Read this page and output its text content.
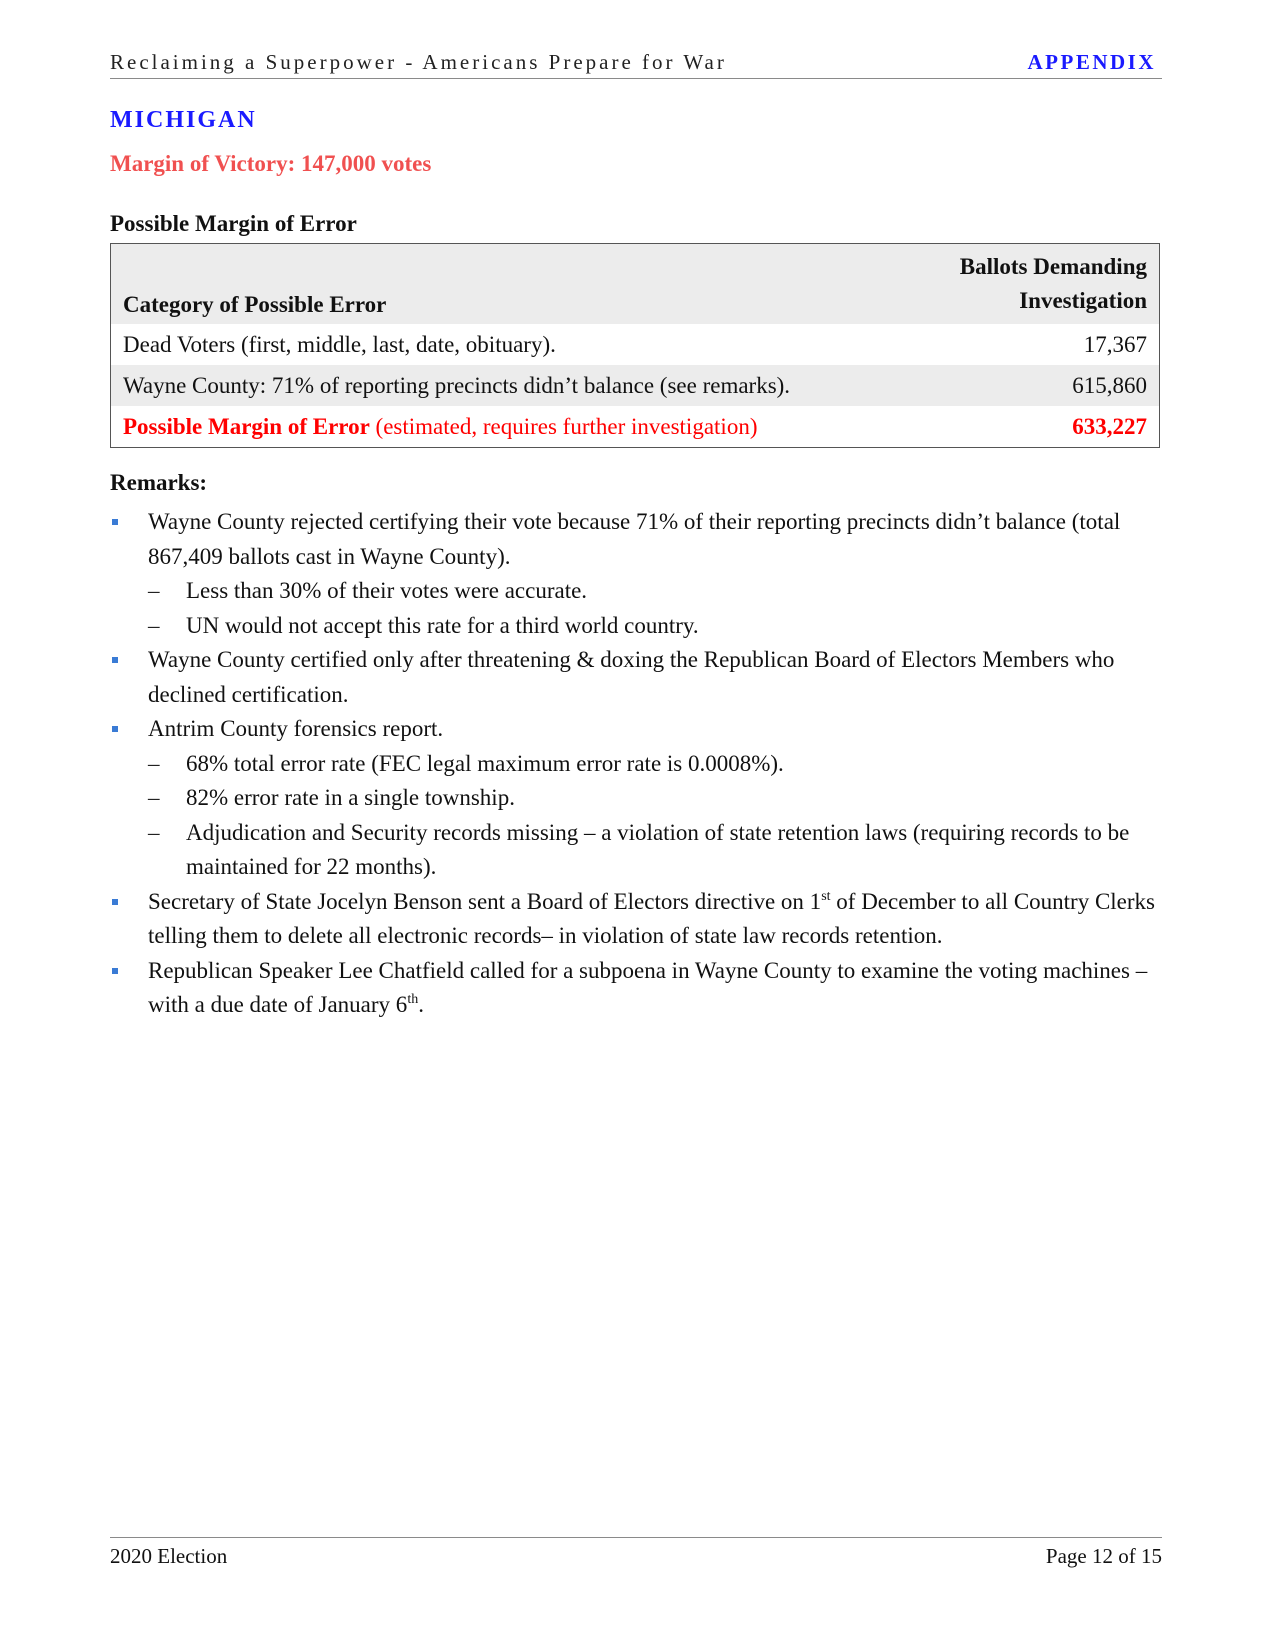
Reclaiming a Superpower - Americans Prepare for War	APPENDIX
MICHIGAN
Margin of Victory: 147,000 votes
Possible Margin of Error
Category of Possible Error	Ballots Demanding
Investigation
Dead Voters (first, middle, last, date, obituary).	17,367
Wayne County: 71% of reporting precincts didn’t balance (see remarks).	615,860
Possible Margin of Error (estimated, requires further investigation)	633,227
Remarks:
Wayne County rejected certifying their vote because 71% of their reporting precincts didn’t balance (total 867,409 ballots cast in Wayne County).
– Less than 30% of their votes were accurate.
– UN would not accept this rate for a third world country.
Wayne County certified only after threatening & doxing the Republican Board of Electors Members who declined certification.
Antrim County forensics report.
– 68% total error rate (FEC legal maximum error rate is 0.0008%).
– 82% error rate in a single township.
– Adjudication and Security records missing – a violation of state retention laws (requiring records to be maintained for 22 months).
Secretary of State Jocelyn Benson sent a Board of Electors directive on 1st of December to all Country Clerks telling them to delete all electronic records– in violation of state law records retention.
Republican Speaker Lee Chatfield called for a subpoena in Wayne County to examine the voting machines – with a due date of January 6th.
2020 Election	Page 12 of 15
